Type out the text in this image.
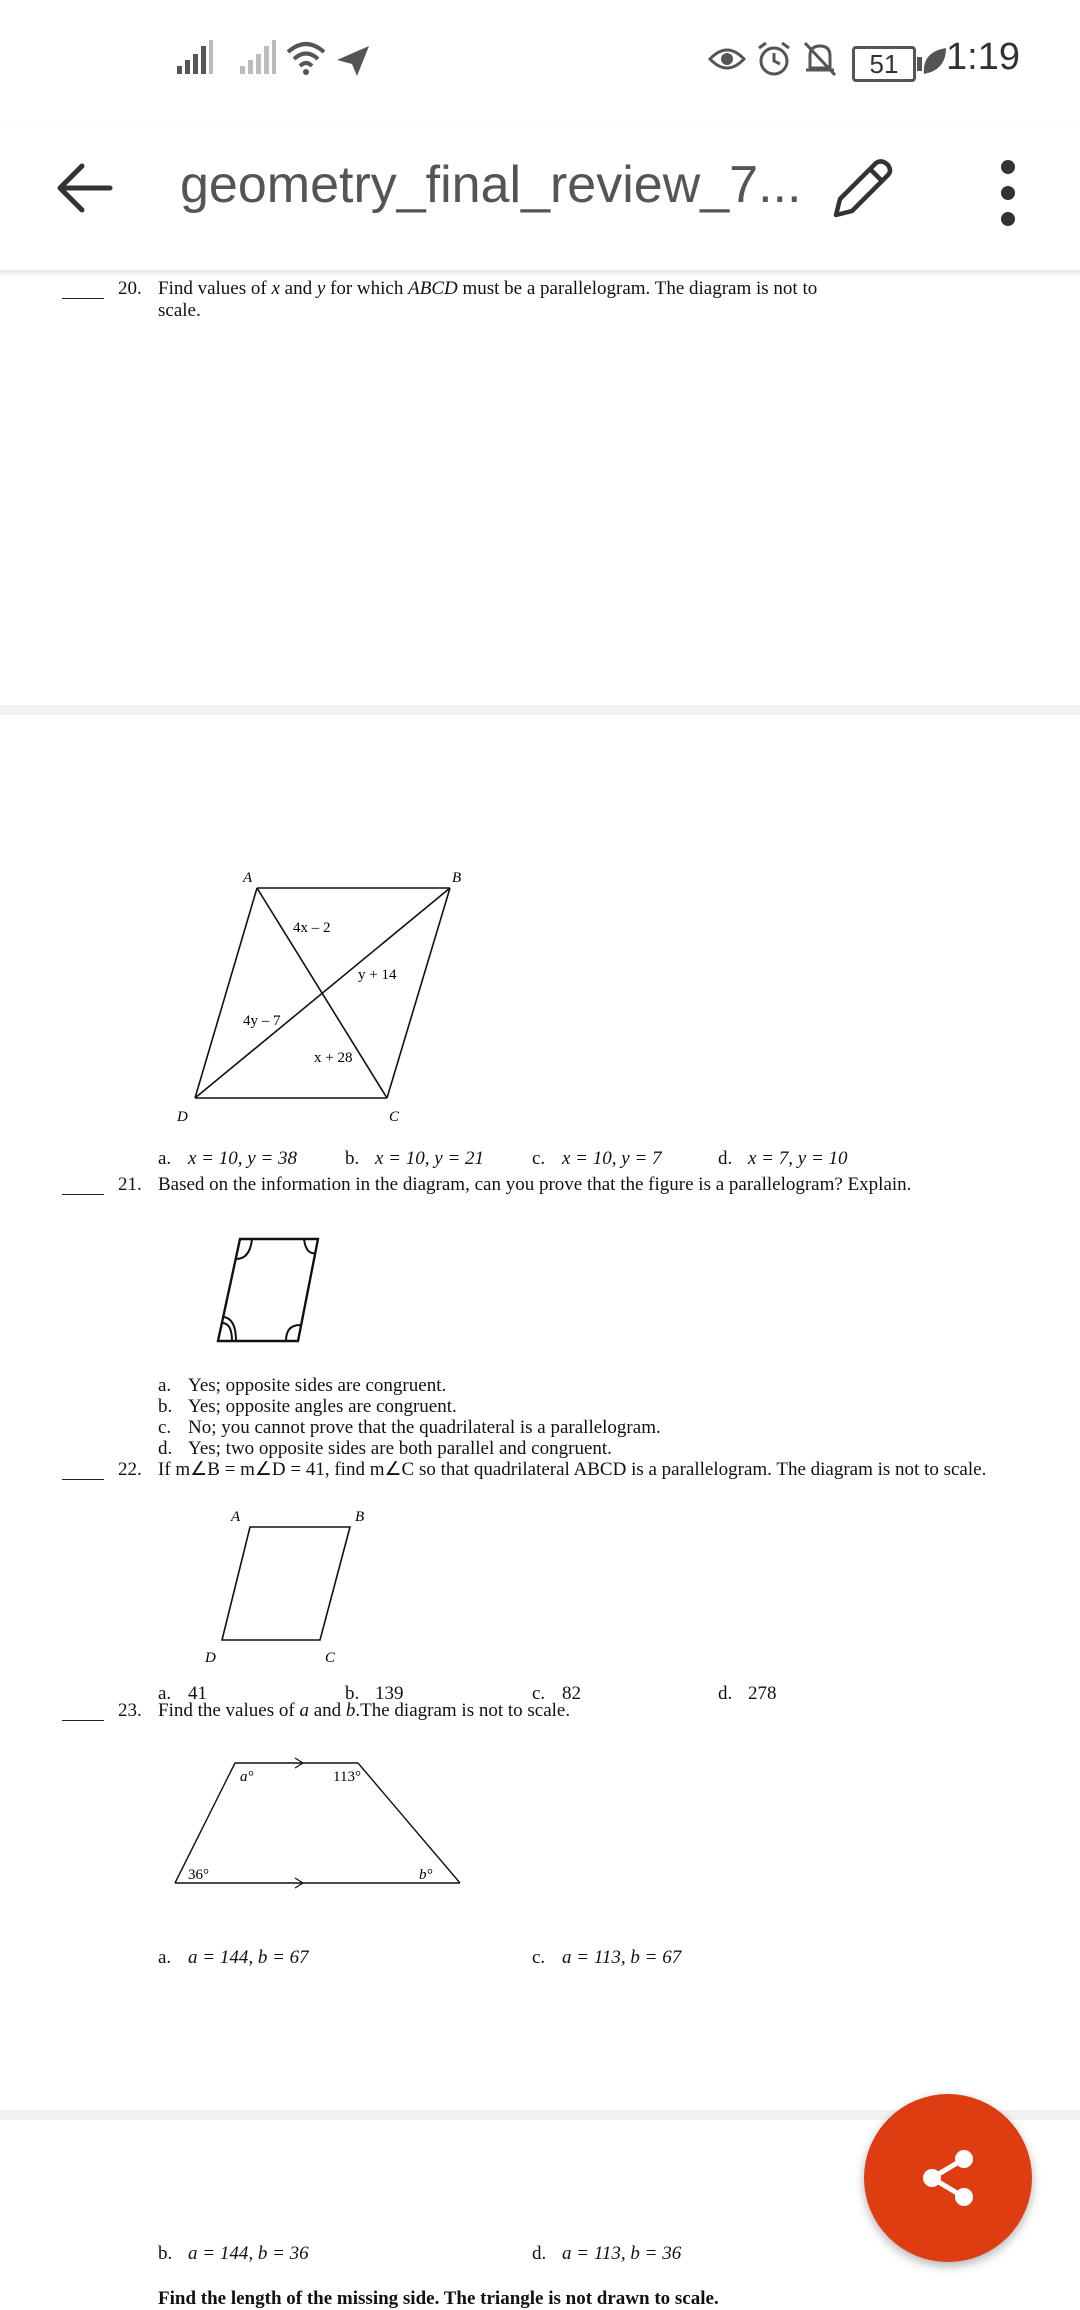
51	1:19
geometry_final_review_7...
20. Find values of x and y for which ABCD must be a parallelogram. The diagram is not to
scale.
A	B
C
D
4x – 2
y + 14
4y – 7
x + 28
a. x = 10, y = 38	b. x = 10, y = 21	c. x = 10, y = 7	d. x = 7, y = 10
21. Based on the information in the diagram, can you prove that the figure is a parallelogram? Explain.
a. Yes; opposite sides are congruent.
b. Yes; opposite angles are congruent.
c. No; you cannot prove that the quadrilateral is a parallelogram.
d. Yes; two opposite sides are both parallel and congruent.
22. If m∠B = m∠D = 41, find m∠C so that quadrilateral ABCD is a parallelogram. The diagram is not to scale.
A	B
C
D
a. 41	b. 139	c. 82	d. 278
23. Find the values of a and b.The diagram is not to scale.
a°	113°
36°	b°
a. a = 144, b = 67	c. a = 113, b = 67
b. a = 144, b = 36	d. a = 113, b = 36
Find the length of the missing side. The triangle is not drawn to scale.
